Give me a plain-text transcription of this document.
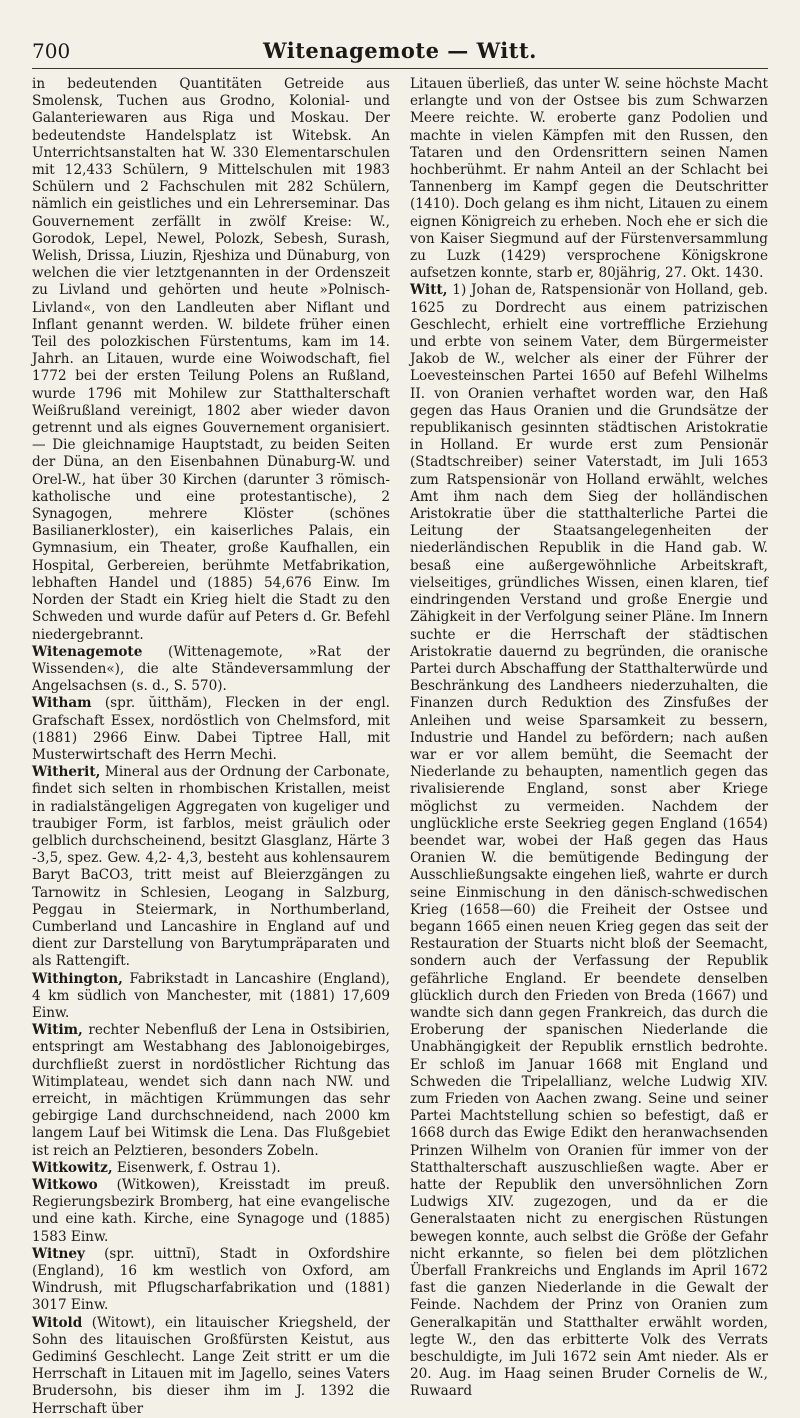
700	Witenagemote — Witt.

in bedeutenden Quantitäten Getreide aus Smolensk, Tuchen aus Grodno, Kolonial- und Galanteriewaren aus Riga und Moskau. Der bedeutendste Handelsplatz ist Witebsk. An Unterrichtsanstalten hat W. 330 Elementarschulen mit 12,433 Schülern, 9 Mittelschulen mit 1983 Schülern und 2 Fachschulen mit 282 Schülern, nämlich ein geistliches und ein Lehrerseminar. Das Gouvernement zerfällt in zwölf Kreise: W., Gorodok, Lepel, Newel, Polozk, Sebesh, Surash, Welish, Drissa, Liuzin, Rjeshiza und Dünaburg, von welchen die vier letztgenannten in der Ordenszeit zu Livland und gehörten und heute »Polnisch-Livland«, von den Landleuten aber Niflant und Inflant genannt werden. W. bildete früher einen Teil des polozkischen Fürstentums, kam im 14. Jahrh. an Litauen, wurde eine Woiwodschaft, fiel 1772 bei der ersten Teilung Polens an Rußland, wurde 1796 mit Mohilew zur Statthalterschaft Weißrußland vereinigt, 1802 aber wieder davon getrennt und als eignes Gouvernement organisiert. — Die gleichnamige Hauptstadt, zu beiden Seiten der Düna, an den Eisenbahnen Dünaburg-W. und Orel-W., hat über 30 Kirchen (darunter 3 römisch-katholische und eine protestantische), 2 Synagogen, mehrere Klöster (schönes Basilianerkloster), ein kaiserliches Palais, ein Gymnasium, ein Theater, große Kaufhallen, ein Hospital, Gerbereien, berühmte Metfabrikation, lebhaften Handel und (1885) 54,676 Einw. Im Norden der Stadt ein Krieg hielt die Stadt zu den Schweden und wurde dafür auf Peters d. Gr. Befehl niedergebrannt.

Witenagemote (Wittenagemote, »Rat der Wissenden«), die alte Ständeversammlung der Angelsachsen (s. d., S. 570).

Witham (spr. ŭitthăm), Flecken in der engl. Grafschaft Essex, nordöstlich von Chelmsford, mit (1881) 2966 Einw. Dabei Tiptree Hall, mit Musterwirtschaft des Herrn Mechi.

Witherit, Mineral aus der Ordnung der Carbonate, findet sich selten in rhombischen Kristallen, meist in radialstängeligen Aggregaten von kugeliger und traubiger Form, ist farblos, meist gräulich oder gelblich durchscheinend, besitzt Glasglanz, Härte 3 -3,5, spez. Gew. 4,2- 4,3, besteht aus kohlensaurem Baryt BaCO3, tritt meist auf Bleierzgängen zu Tarnowitz in Schlesien, Leogang in Salzburg, Peggau in Steiermark, in Northumberland, Cumberland und Lancashire in England auf und dient zur Darstellung von Barytumpräparaten und als Rattengift.

Withington, Fabrikstadt in Lancashire (England), 4 km südlich von Manchester, mit (1881) 17,609 Einw.

Witim, rechter Nebenfluß der Lena in Ostsibirien, entspringt am Westabhang des Jablonoigebirges, durchfließt zuerst in nordöstlicher Richtung das Witimplateau, wendet sich dann nach NW. und erreicht, in mächtigen Krümmungen das sehr gebirgige Land durchschneidend, nach 2000 km langem Lauf bei Witimsk die Lena. Das Flußgebiet ist reich an Pelztieren, besonders Zobeln.

Witkowitz, Eisenwerk, f. Ostrau 1).

Witkowo (Witkowen), Kreisstadt im preuß. Regierungsbezirk Bromberg, hat eine evangelische und eine kath. Kirche, eine Synagoge und (1885) 1583 Einw.

Witney (spr. uittnĭ), Stadt in Oxfordshire (England), 16 km westlich von Oxford, am Windrush, mit Pflugscharfabrikation und (1881) 3017 Einw.

Witold (Witowt), ein litauischer Kriegsheld, der Sohn des litauischen Großfürsten Keistut, aus Gediminś Geschlecht. Lange Zeit stritt er um die Herrschaft in Litauen mit im Jagello, seines Vaters Brudersohn, bis dieser ihm im J. 1392 die Herrschaft über

Litauen überließ, das unter W. seine höchste Macht erlangte und von der Ostsee bis zum Schwarzen Meere reichte. W. eroberte ganz Podolien und machte in vielen Kämpfen mit den Russen, den Tataren und den Ordensrittern seinen Namen hochberühmt. Er nahm Anteil an der Schlacht bei Tannenberg im Kampf gegen die Deutschritter (1410). Doch gelang es ihm nicht, Litauen zu einem eignen Königreich zu erheben. Noch ehe er sich die von Kaiser Siegmund auf der Fürstenversammlung zu Luzk (1429) versprochene Königskrone aufsetzen konnte, starb er, 80jährig, 27. Okt. 1430.

Witt, 1) Johan de, Ratspensionär von Holland, geb. 1625 zu Dordrecht aus einem patrizischen Geschlecht, erhielt eine vortreffliche Erziehung und erbte von seinem Vater, dem Bürgermeister Jakob de W., welcher als einer der Führer der Loevesteinschen Partei 1650 auf Befehl Wilhelms II. von Oranien verhaftet worden war, den Haß gegen das Haus Oranien und die Grundsätze der republikanisch gesinnten städtischen Aristokratie in Holland. Er wurde erst zum Pensionär (Stadtschreiber) seiner Vaterstadt, im Juli 1653 zum Ratspensionär von Holland erwählt, welches Amt ihm nach dem Sieg der holländischen Aristokratie über die statthalterliche Partei die Leitung der Staatsangelegenheiten der niederländischen Republik in die Hand gab. W. besaß eine außergewöhnliche Arbeitskraft, vielseitiges, gründliches Wissen, einen klaren, tief eindringenden Verstand und große Energie und Zähigkeit in der Verfolgung seiner Pläne. Im Innern suchte er die Herrschaft der städtischen Aristokratie dauernd zu begründen, die oranische Partei durch Abschaffung der Statthalterwürde und Beschränkung des Landheers niederzuhalten, die Finanzen durch Reduktion des Zinsfußes der Anleihen und weise Sparsamkeit zu bessern, Industrie und Handel zu befördern; nach außen war er vor allem bemüht, die Seemacht der Niederlande zu behaupten, namentlich gegen das rivalisierende England, sonst aber Kriege möglichst zu vermeiden. Nachdem der unglückliche erste Seekrieg gegen England (1654) beendet war, wobei der Haß gegen das Haus Oranien W. die bemütigende Bedingung der Ausschließungsakte eingehen ließ, wahrte er durch seine Einmischung in den dänisch-schwedischen Krieg (1658—60) die Freiheit der Ostsee und begann 1665 einen neuen Krieg gegen das seit der Restauration der Stuarts nicht bloß der Seemacht, sondern auch der Verfassung der Republik gefährliche England. Er beendete denselben glücklich durch den Frieden von Breda (1667) und wandte sich dann gegen Frankreich, das durch die Eroberung der spanischen Niederlande die Unabhängigkeit der Republik ernstlich bedrohte. Er schloß im Januar 1668 mit England und Schweden die Tripelallianz, welche Ludwig XIV. zum Frieden von Aachen zwang. Seine und seiner Partei Machtstellung schien so befestigt, daß er 1668 durch das Ewige Edikt den heranwachsenden Prinzen Wilhelm von Oranien für immer von der Statthalterschaft auszuschließen wagte. Aber er hatte der Republik den unversöhnlichen Zorn Ludwigs XIV. zugezogen, und da er die Generalstaaten nicht zu energischen Rüstungen bewegen konnte, auch selbst die Größe der Gefahr nicht erkannte, so fielen bei dem plötzlichen Überfall Frankreichs und Englands im April 1672 fast die ganzen Niederlande in die Gewalt der Feinde. Nachdem der Prinz von Oranien zum Generalkapitän und Statthalter erwählt worden, legte W., den das erbitterte Volk des Verrats beschuldigte, im Juli 1672 sein Amt nieder. Als er 20. Aug. im Haag seinen Bruder Cornelis de W., Ruwaard
